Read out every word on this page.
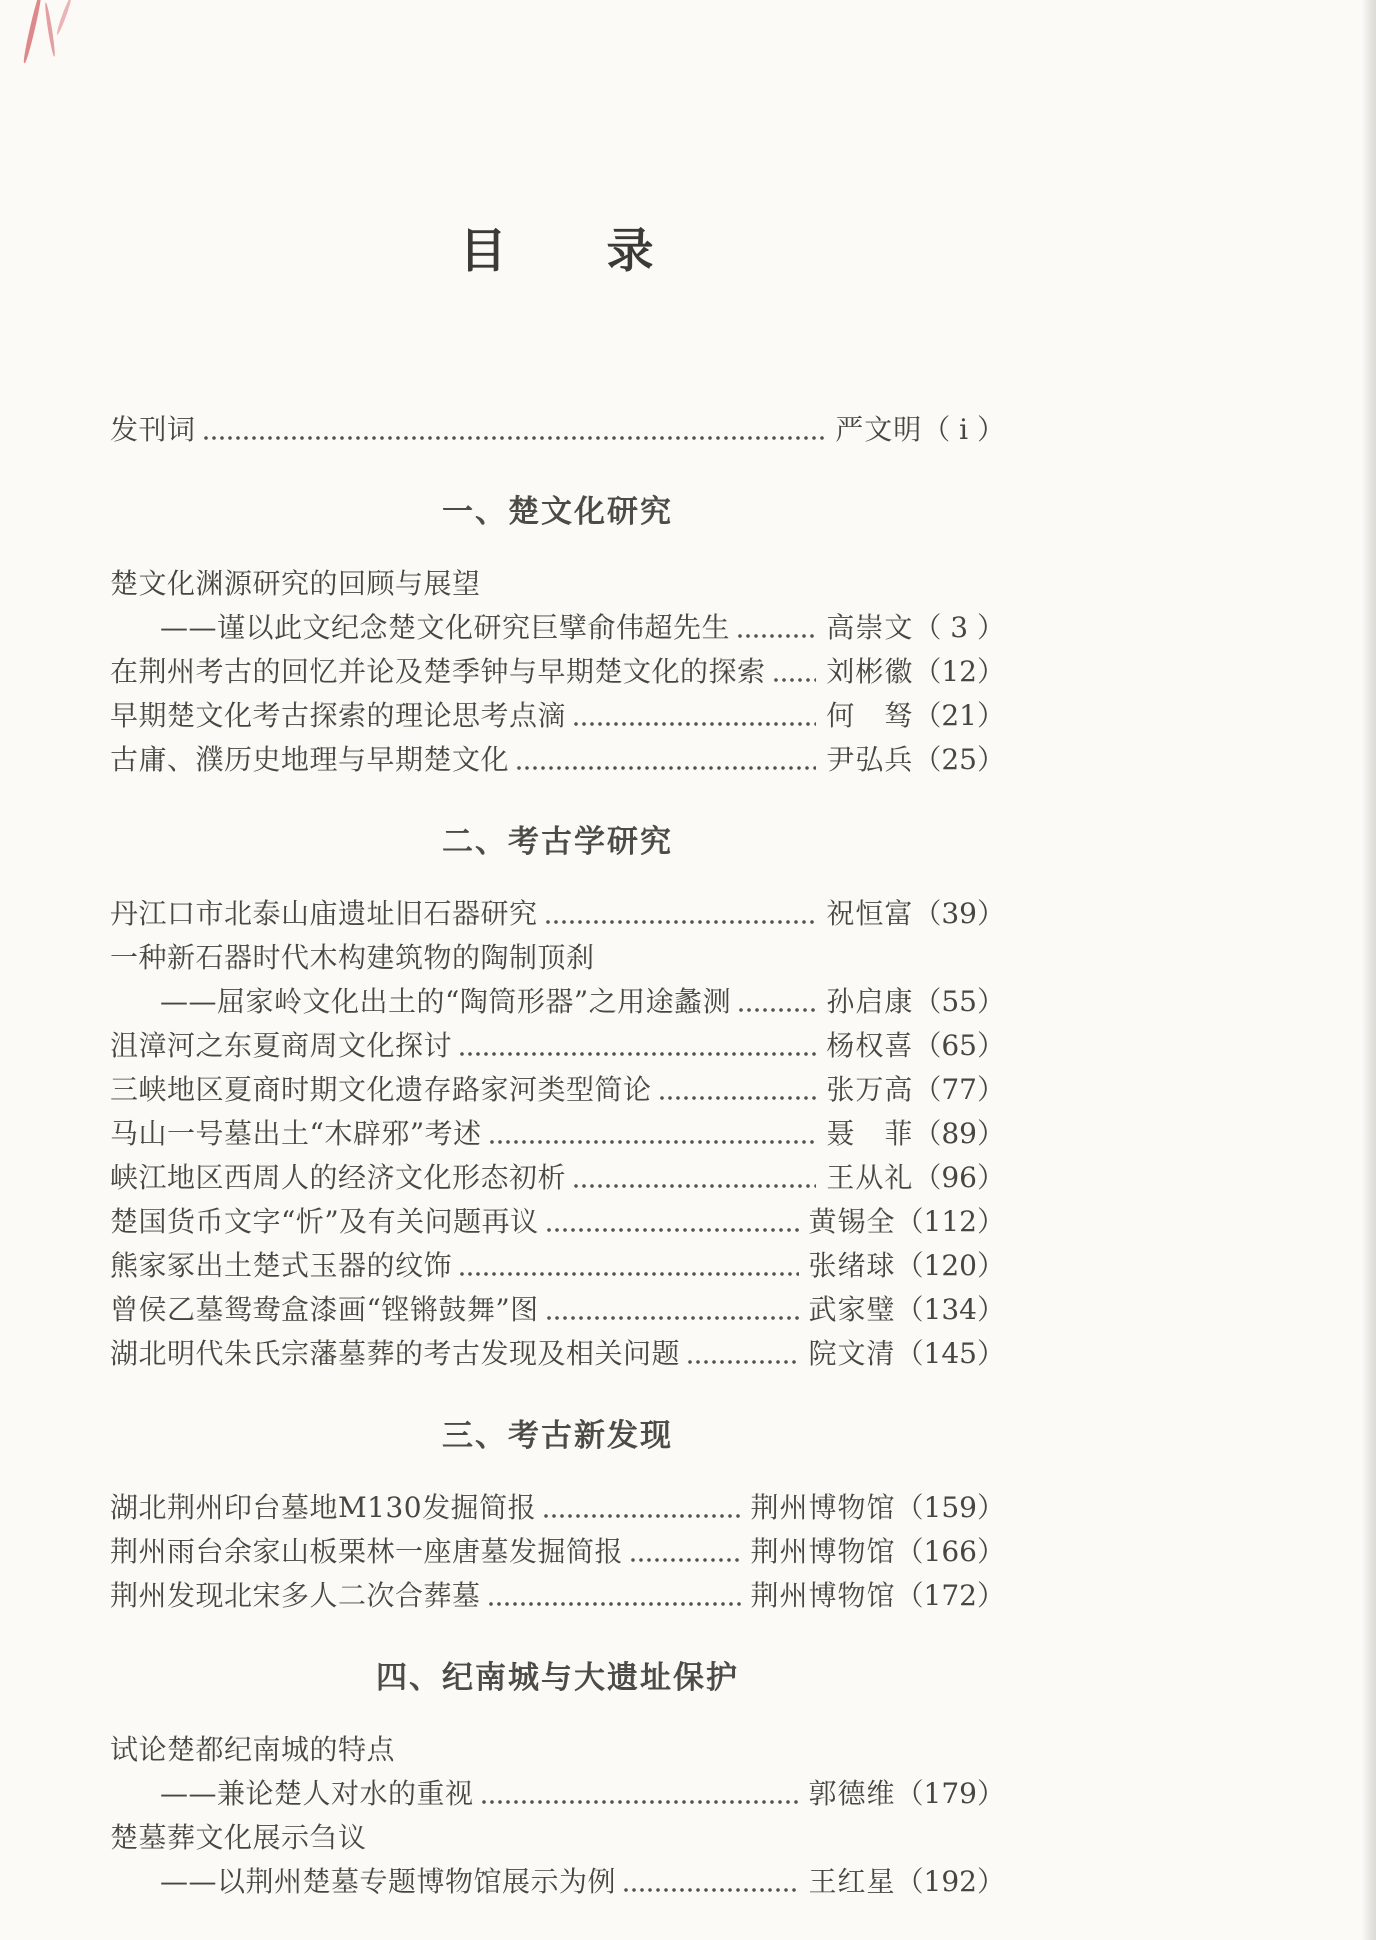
目　　录
发刊词	严文明 （ i ）
一、楚文化研究
楚文化渊源研究的回顾与展望
——谨以此文纪念楚文化研究巨擘俞伟超先生	高崇文 （ 3 ）
在荆州考古的回忆并论及楚季钟与早期楚文化的探索 刘彬徽 （12）
早期楚文化考古探索的理论思考点滴	何　驽 （21）
古庸、濮历史地理与早期楚文化	尹弘兵 （25）
二、考古学研究
丹江口市北泰山庙遗址旧石器研究	祝恒富 （39）
一种新石器时代木构建筑物的陶制顶刹
——屈家岭文化出土的“陶筒形器”之用途蠡测	孙启康 （55）
沮漳河之东夏商周文化探讨	杨权喜 （65）
三峡地区夏商时期文化遗存路家河类型简论	张万高 （77）
马山一号墓出土“木辟邪”考述	聂　菲 （89）
峡江地区西周人的经济文化形态初析	王从礼 （96）
楚国货币文字“忻”及有关问题再议	黄锡全 （112）
熊家冢出土楚式玉器的纹饰	张绪球 （120）
曾侯乙墓鸳鸯盒漆画“铿锵鼓舞”图	武家璧 （134）
湖北明代朱氏宗藩墓葬的考古发现及相关问题	院文清 （145）
三、考古新发现
湖北荆州印台墓地M130发掘简报	荆州博物馆 （159）
荆州雨台余家山板栗林一座唐墓发掘简报	荆州博物馆 （166）
荆州发现北宋多人二次合葬墓	荆州博物馆 （172）
四、纪南城与大遗址保护
试论楚都纪南城的特点
——兼论楚人对水的重视	郭德维 （179）
楚墓葬文化展示刍议
——以荆州楚墓专题博物馆展示为例	王红星 （192）
